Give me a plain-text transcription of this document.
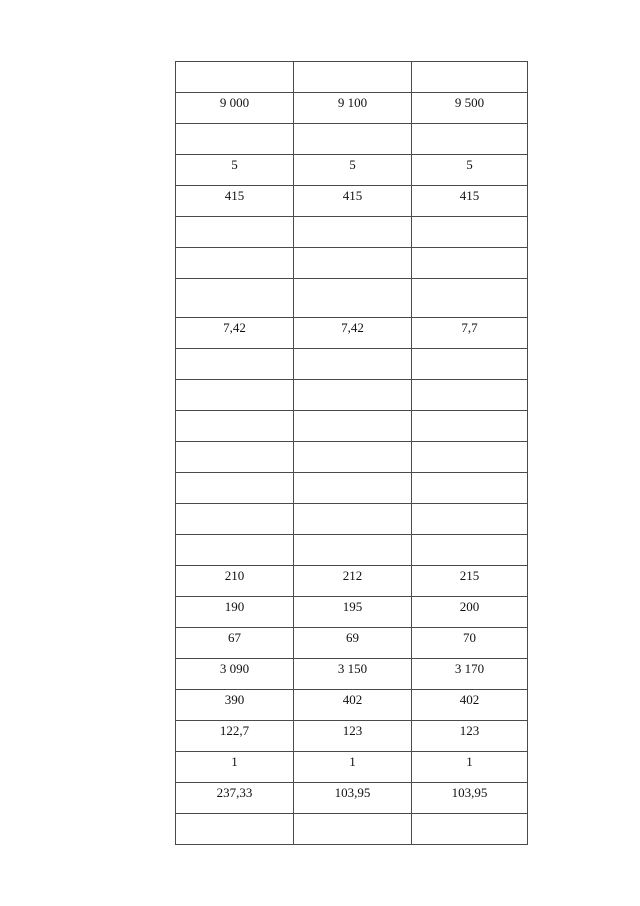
9 000	9 100	9 500

5	5	5

415	415	415

7,42	7,42	7,7

210	212	215

190	195	200

67	69	70

3 090	3 150	3 170

390	402	402

122,7	123	123

1	1	1

237,33	103,95	103,95
